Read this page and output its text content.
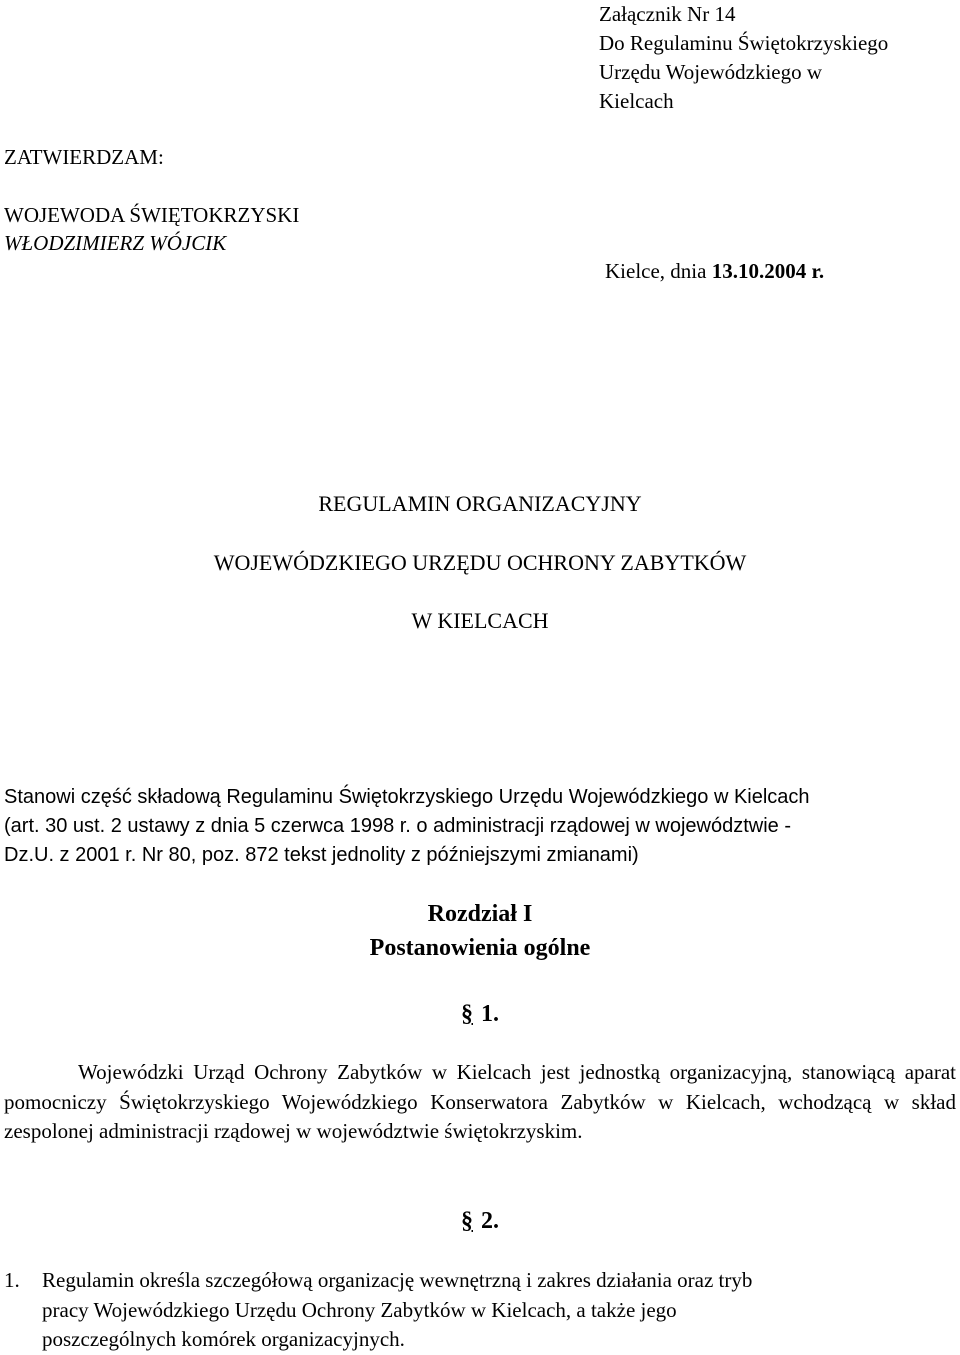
Załącznik Nr 14
Do Regulaminu Świętokrzyskiego
Urzędu Wojewódzkiego w
Kielcach
ZATWIERDZAM:
WOJEWODA ŚWIĘTOKRZYSKI
WŁODZIMIERZ WÓJCIK
Kielce, dnia 13.10.2004 r.
REGULAMIN ORGANIZACYJNY
WOJEWÓDZKIEGO URZĘDU OCHRONY ZABYTKÓW
W KIELCACH
Stanowi część składową Regulaminu Świętokrzyskiego Urzędu Wojewódzkiego w Kielcach
(art. 30 ust. 2 ustawy z dnia 5 czerwca 1998 r. o administracji rządowej w województwie -
Dz.U. z 2001 r. Nr 80, poz. 872 tekst jednolity z późniejszymi zmianami)
Rozdział I
Postanowienia ogólne
§ 1.
Wojewódzki Urząd Ochrony Zabytków w Kielcach jest jednostką organizacyjną, stanowiącą aparat pomocniczy Świętokrzyskiego Wojewódzkiego Konserwatora Zabytków w Kielcach, wchodzącą w skład zespolonej administracji rządowej w województwie świętokrzyskim.
§ 2.
1. Regulamin określa szczegółową organizację wewnętrzną i zakres działania oraz tryb
pracy Wojewódzkiego Urzędu Ochrony Zabytków w Kielcach, a także jego
poszczególnych komórek organizacyjnych.
